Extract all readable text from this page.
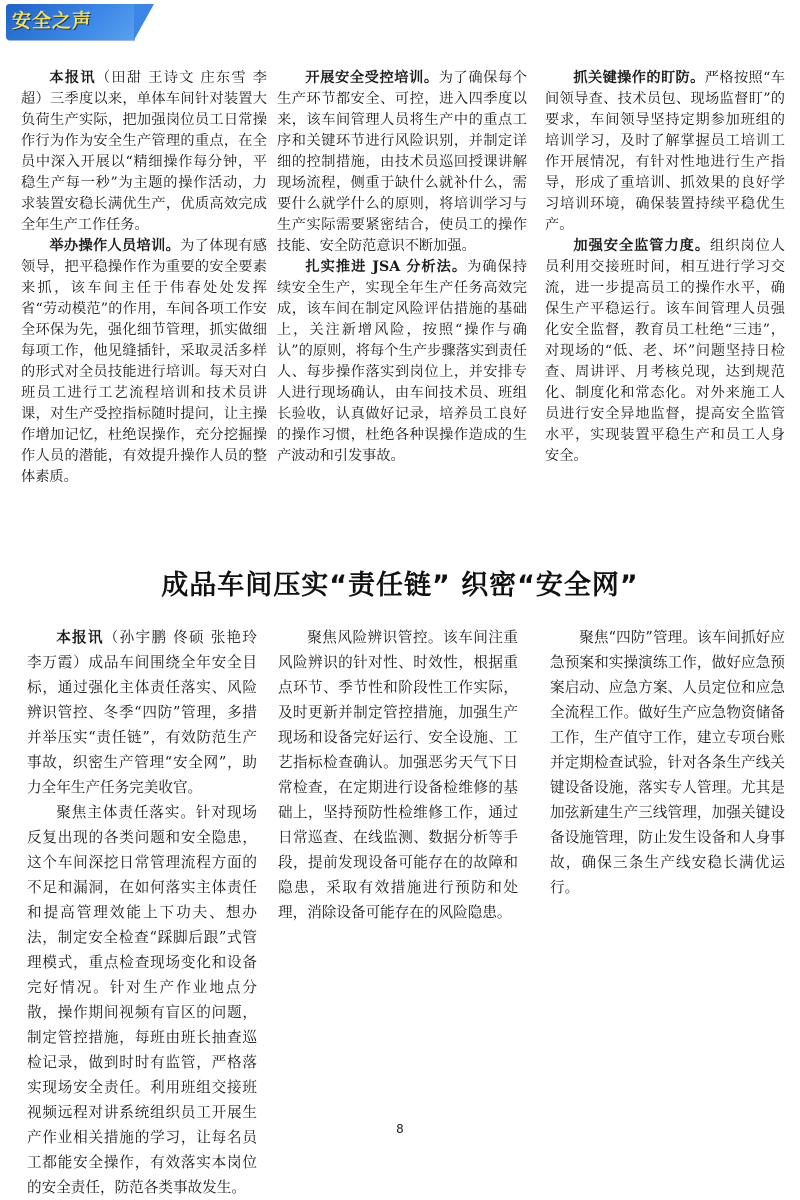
安全之声

本报讯（田甜 王诗文 庄东雪 李超）三季度以来，单体车间针对装置大负荷生产实际，把加强岗位员工日常操作行为作为安全生产管理的重点，在全员中深入开展以“精细操作每分钟，平稳生产每一秒”为主题的操作活动，力求装置安稳长满优生产，优质高效完成全年生产工作任务。

举办操作人员培训。为了体现有感领导，把平稳操作作为重要的安全要素来抓，该车间主任于伟春处处发挥省“劳动模范”的作用，车间各项工作安全环保为先，强化细节管理，抓实做细每项工作，他见缝插针，采取灵活多样的形式对全员技能进行培训。每天对白班员工进行工艺流程培训和技术员讲课，对生产受控指标随时提问，让主操作增加记忆，杜绝误操作，充分挖掘操作人员的潜能，有效提升操作人员的整体素质。

开展安全受控培训。为了确保每个生产环节都安全、可控，进入四季度以来，该车间管理人员将生产中的重点工序和关键环节进行风险识别，并制定详细的控制措施，由技术员巡回授课讲解现场流程，侧重于缺什么就补什么，需要什么就学什么的原则，将培训学习与生产实际需要紧密结合，使员工的操作技能、安全防范意识不断加强。

扎实推进 JSA 分析法。为确保持续安全生产，实现全年生产任务高效完成，该车间在制定风险评估措施的基础上，关注新增风险，按照“操作与确认”的原则，将每个生产步骤落实到责任人、每步操作落实到岗位上，并安排专人进行现场确认，由车间技术员、班组长验收，认真做好记录，培养员工良好的操作习惯，杜绝各种误操作造成的生产波动和引发事故。

抓关键操作的盯防。严格按照“车间领导查、技术员包、现场监督盯”的要求，车间领导坚持定期参加班组的培训学习，及时了解掌握员工培训工作开展情况，有针对性地进行生产指导，形成了重培训、抓效果的良好学习培训环境，确保装置持续平稳优生产。

加强安全监管力度。组织岗位人员利用交接班时间，相互进行学习交流，进一步提高员工的操作水平，确保生产平稳运行。该车间管理人员强化安全监督，教育员工杜绝“三违”，对现场的“低、老、坏”问题坚持日检查、周讲评、月考核兑现，达到规范化、制度化和常态化。对外来施工人员进行安全异地监督，提高安全监管水平，实现装置平稳生产和员工人身安全。

成品车间压实“责任链” 织密“安全网”

本报讯（孙宇鹏 佟硕 张艳玲 李万霞）成品车间围绕全年安全目标，通过强化主体责任落实、风险辨识管控、冬季“四防”管理，多措并举压实“责任链”，有效防范生产事故，织密生产管理“安全网”，助力全年生产任务完美收官。

聚焦主体责任落实。针对现场反复出现的各类问题和安全隐患，这个车间深挖日常管理流程方面的不足和漏洞，在如何落实主体责任和提高管理效能上下功夫、想办法，制定安全检查“踩脚后跟”式管理模式，重点检查现场变化和设备完好情况。针对生产作业地点分散，操作期间视频有盲区的问题，制定管控措施，每班由班长抽查巡检记录，做到时时有监管，严格落实现场安全责任。利用班组交接班视频远程对讲系统组织员工开展生产作业相关措施的学习，让每名员工都能安全操作，有效落实本岗位的安全责任，防范各类事故发生。

聚焦风险辨识管控。该车间注重风险辨识的针对性、时效性，根据重点环节、季节性和阶段性工作实际，及时更新并制定管控措施，加强生产现场和设备完好运行、安全设施、工艺指标检查确认。加强恶劣天气下日常检查，在定期进行设备检维修的基础上，坚持预防性检维修工作，通过日常巡查、在线监测、数据分析等手段，提前发现设备可能存在的故障和隐患，采取有效措施进行预防和处理，消除设备可能存在的风险隐患。

聚焦“四防”管理。该车间抓好应急预案和实操演练工作，做好应急预案启动、应急方案、人员定位和应急全流程工作。做好生产应急物资储备工作，生产值守工作，建立专项台账并定期检查试验，针对各条生产线关键设备设施，落实专人管理。尤其是加弦新建生产三线管理，加强关键设备设施管理，防止发生设备和人身事故，确保三条生产线安稳长满优运行。

8
